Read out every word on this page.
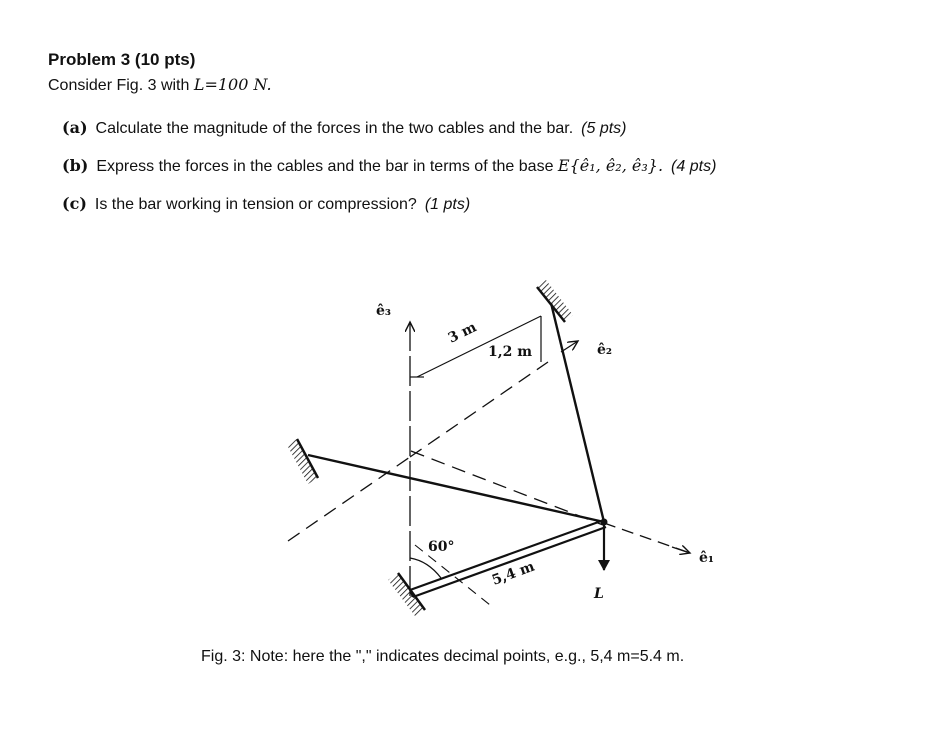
Problem 3 (10 pts)

Consider Fig. 3 with L=100 N.

(a) Calculate the magnitude of the forces in the two cables and the bar. (5 pts)

(b) Express the forces in the cables and the bar in terms of the base E{ê₁, ê₂, ê₃}. (4 pts)

(c) Is the bar working in tension or compression? (1 pts)

ê₃
ê₂
ê₁
3 m
1,2 m
60°
5,4 m
L

Fig. 3: Note: here the "," indicates decimal points, e.g., 5,4 m=5.4 m.
